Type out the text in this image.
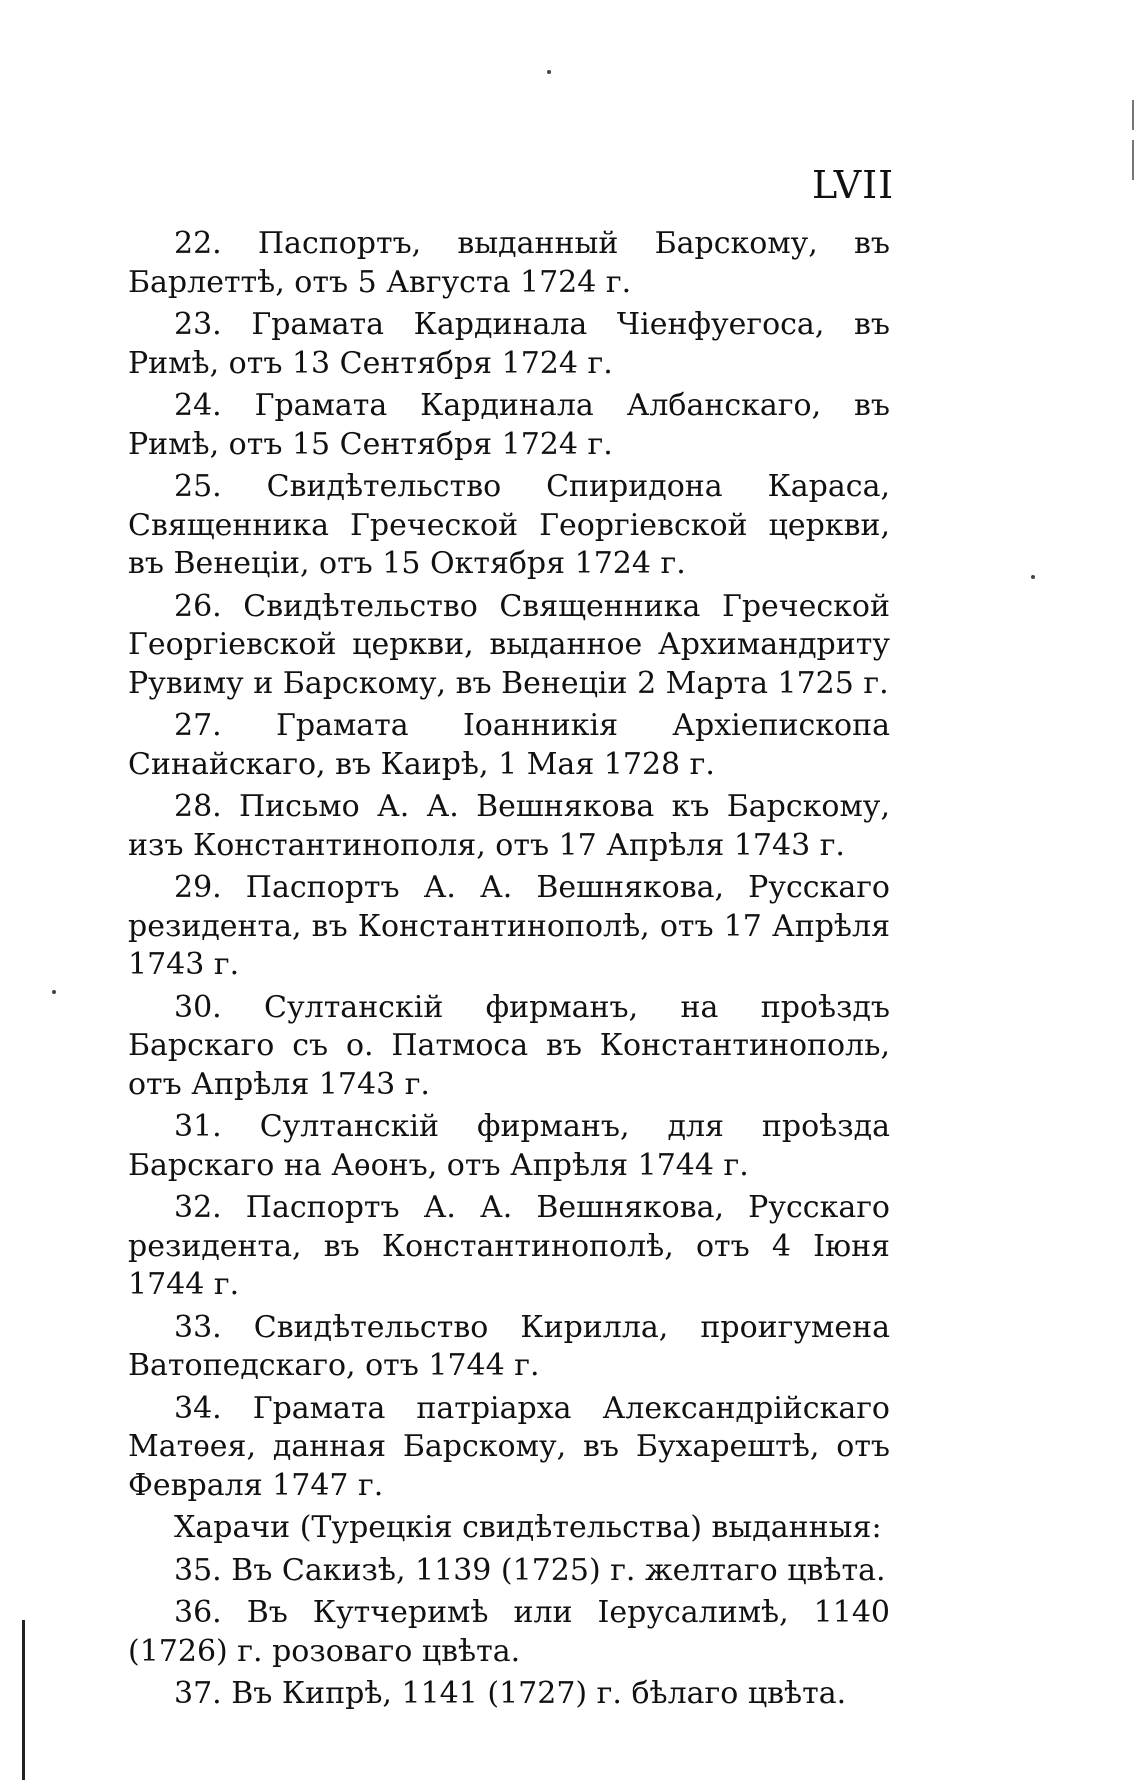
LVII

22. Паспортъ, выданный Барскому, въ Барлеттѣ, отъ 5 Августа 1724 г.

23. Грамата Кардинала Чіенфуегоса, въ Римѣ, отъ 13 Сентября 1724 г.

24. Грамата Кардинала Албанскаго, въ Римѣ, отъ 15 Сентября 1724 г.

25. Свидѣтельство Спиридона Караса, Священника Греческой Георгіевской церкви, въ Венеціи, отъ 15 Октября 1724 г.

26. Свидѣтельство Священника Греческой Георгіевской церкви, выданное Архимандриту Рувиму и Барскому, въ Венеціи 2 Марта 1725 г.

27. Грамата Іоанникія Архіепископа Синайскаго, въ Каирѣ, 1 Мая 1728 г.

28. Письмо А. А. Вешнякова къ Барскому, изъ Константинополя, отъ 17 Апрѣля 1743 г.

29. Паспортъ А. А. Вешнякова, Русскаго резидента, въ Константинополѣ, отъ 17 Апрѣля 1743 г.

30. Султанскій фирманъ, на проѣздъ Барскаго съ о. Патмоса въ Константинополь, отъ Апрѣля 1743 г.

31. Султанскій фирманъ, для проѣзда Барскаго на Аѳонъ, отъ Апрѣля 1744 г.

32. Паспортъ А. А. Вешнякова, Русскаго резидента, въ Константинополѣ, отъ 4 Іюня 1744 г.

33. Свидѣтельство Кирилла, проигумена Ватопедскаго, отъ 1744 г.

34. Грамата патріарха Александрійскаго Матѳея, данная Барскому, въ Бухарештѣ, отъ Февраля 1747 г.

Харачи (Турецкія свидѣтельства) выданныя:

35. Въ Сакизѣ, 1139 (1725) г. желтаго цвѣта.

36. Въ Кутчеримѣ или Іерусалимѣ, 1140 (1726) г. розоваго цвѣта.

37. Въ Кипрѣ, 1141 (1727) г. бѣлаго цвѣта.
